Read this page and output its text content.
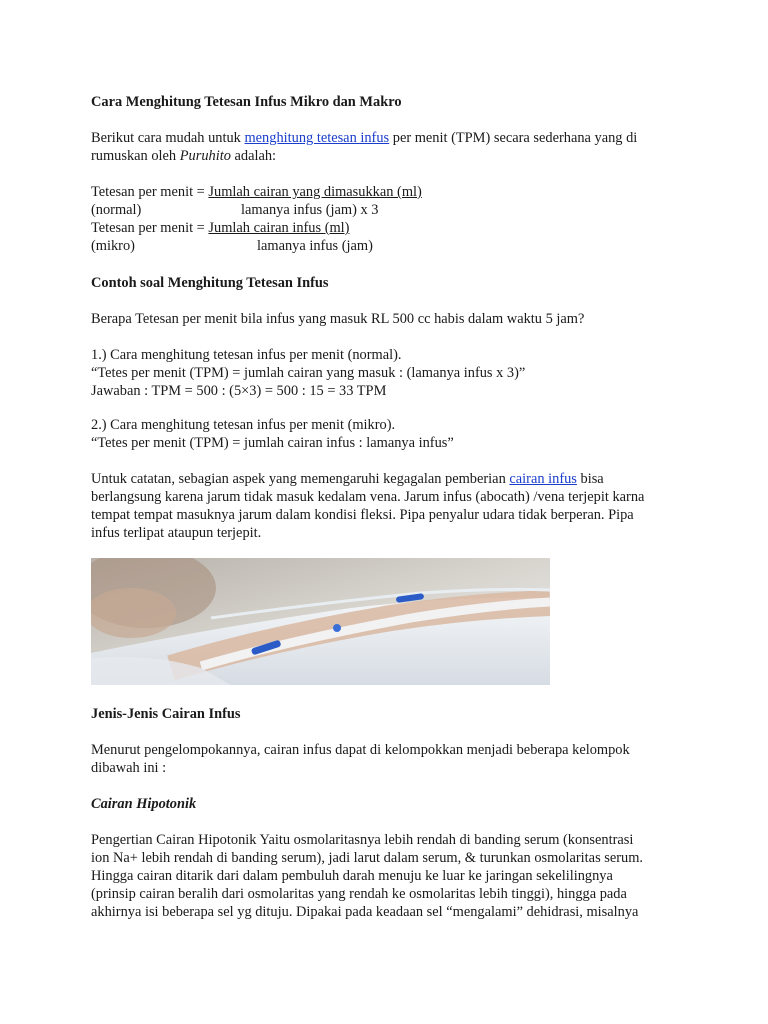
Cara Menghitung Tetesan Infus Mikro dan Makro
Berikut cara mudah untuk menghitung tetesan infus per menit (TPM) secara sederhana yang di
rumuskan oleh Puruhito adalah:
Tetesan per menit = Jumlah cairan yang dimasukkan (ml)
(normal)	lamanya infus (jam) x 3
Tetesan per menit = Jumlah cairan infus (ml)
(mikro)	lamanya infus (jam)
Contoh soal Menghitung Tetesan Infus
Berapa Tetesan per menit bila infus yang masuk RL 500 cc habis dalam waktu 5 jam?
1.) Cara menghitung tetesan infus per menit (normal).
“Tetes per menit (TPM) = jumlah cairan yang masuk : (lamanya infus x 3)”
Jawaban : TPM = 500 : (5×3) = 500 : 15 = 33 TPM
2.) Cara menghitung tetesan infus per menit (mikro).
“Tetes per menit (TPM) = jumlah cairan infus : lamanya infus”
Untuk catatan, sebagian aspek yang memengaruhi kegagalan pemberian cairan infus bisa
berlangsung karena jarum tidak masuk kedalam vena. Jarum infus (abocath) /vena terjepit karna
tempat tempat masuknya jarum dalam kondisi fleksi. Pipa penyalur udara tidak berperan. Pipa
infus terlipat ataupun terjepit.
Jenis-Jenis Cairan Infus
Menurut pengelompokannya, cairan infus dapat di kelompokkan menjadi beberapa kelompok
dibawah ini :
Cairan Hipotonik
Pengertian Cairan Hipotonik Yaitu osmolaritasnya lebih rendah di banding serum (konsentrasi
ion Na+ lebih rendah di banding serum), jadi larut dalam serum, & turunkan osmolaritas serum.
Hingga cairan ditarik dari dalam pembuluh darah menuju ke luar ke jaringan sekelilingnya
(prinsip cairan beralih dari osmolaritas yang rendah ke osmolaritas lebih tinggi), hingga pada
akhirnya isi beberapa sel yg dituju. Dipakai pada keadaan sel “mengalami” dehidrasi, misalnya
